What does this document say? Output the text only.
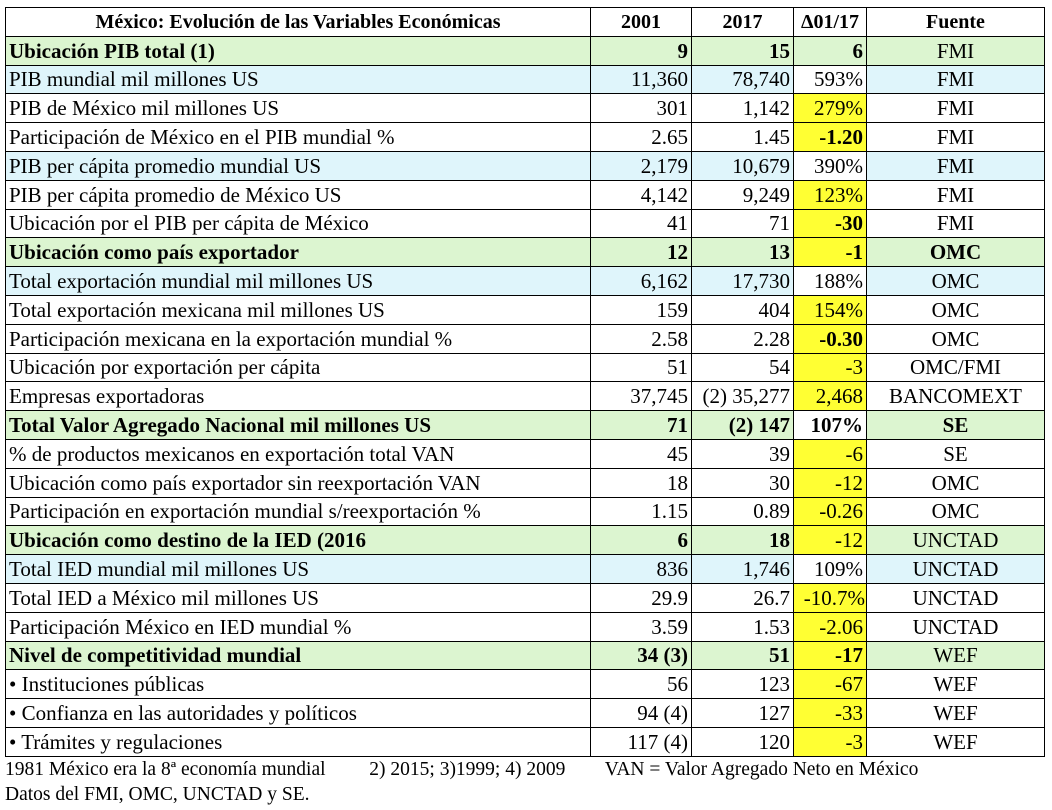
México: Evolución de las Variables Económicas	2001	2017	Δ01/17	Fuente
Ubicación PIB total (1)	9	15	6	FMI
PIB mundial mil millones US	11,360	78,740	593%	FMI
PIB de México mil millones US	301	1,142	279%	FMI
Participación de México en el PIB mundial %	2.65	1.45	-1.20	FMI
PIB per cápita promedio mundial US	2,179	10,679	390%	FMI
PIB per cápita promedio de México US	4,142	9,249	123%	FMI
Ubicación por el PIB per cápita de México	41	71	-30	FMI
Ubicación como país exportador	12	13	-1	OMC
Total exportación mundial mil millones US	6,162	17,730	188%	OMC
Total exportación mexicana mil millones US	159	404	154%	OMC
Participación mexicana en la exportación mundial %	2.58	2.28	-0.30	OMC
Ubicación por exportación per cápita	51	54	-3	OMC/FMI
Empresas exportadoras	37,745	(2) 35,277	2,468	BANCOMEXT
Total Valor Agregado Nacional mil millones US	71	(2) 147	107%	SE
% de productos mexicanos en exportación total VAN	45	39	-6	SE
Ubicación como país exportador sin reexportación VAN	18	30	-12	OMC
Participación en exportación mundial s/reexportación %	1.15	0.89	-0.26	OMC
Ubicación como destino de la IED (2016	6	18	-12	UNCTAD
Total IED mundial mil millones US	836	1,746	109%	UNCTAD
Total IED a México mil millones US	29.9	26.7	-10.7%	UNCTAD
Participación México en IED mundial %	3.59	1.53	-2.06	UNCTAD
Nivel de competitividad mundial	34 (3)	51	-17	WEF
• Instituciones públicas	56	123	-67	WEF
• Confianza en las autoridades y políticos	94 (4)	127	-33	WEF
• Trámites y regulaciones	117 (4)	120	-3	WEF
1981 México era la 8ª economía mundial 2) 2015; 3)1999; 4) 2009 VAN = Valor Agregado Neto en México
Datos del FMI, OMC, UNCTAD y SE.
